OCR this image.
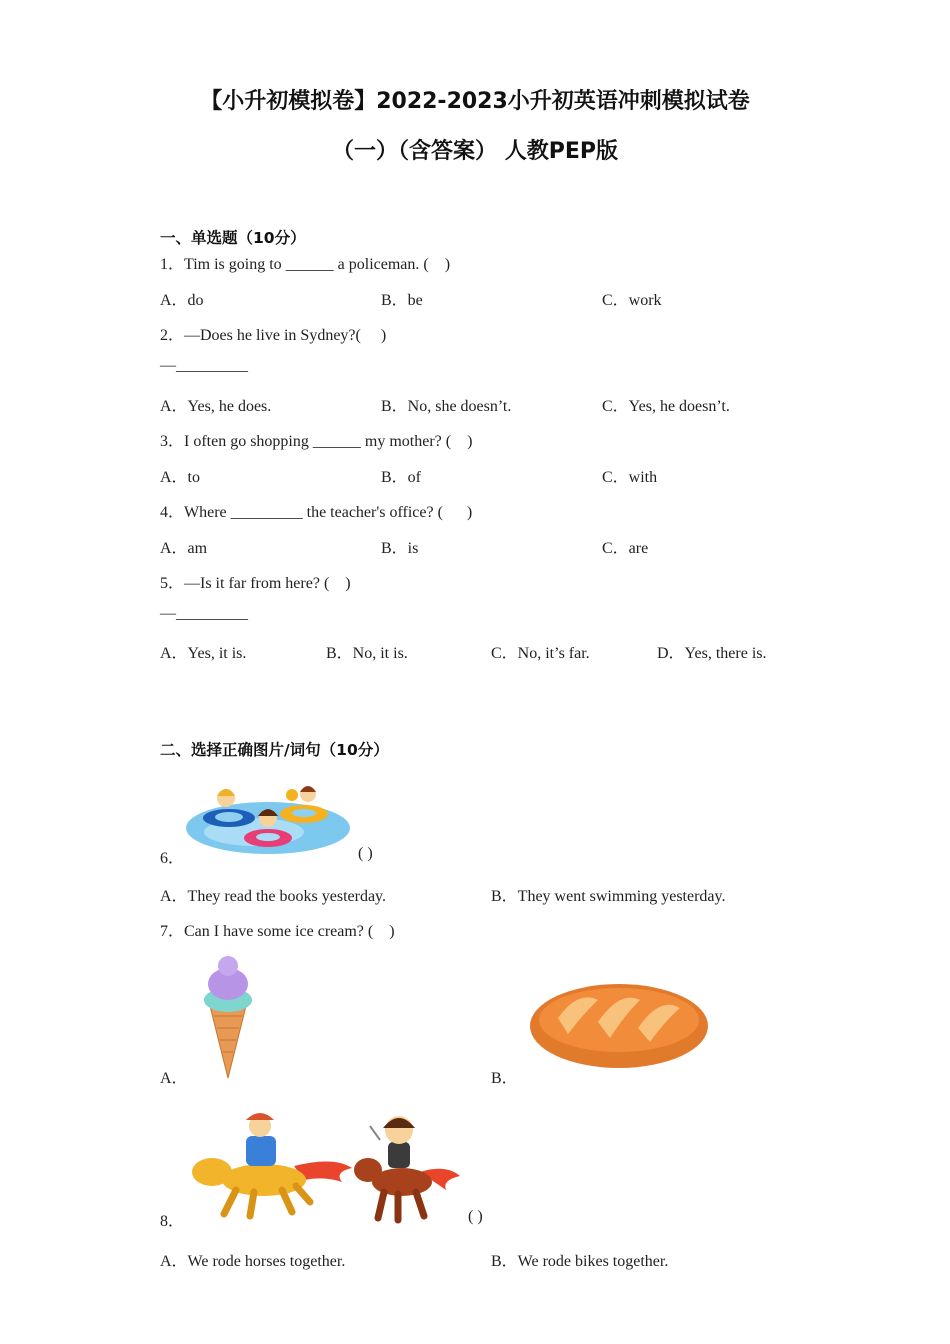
【小升初模拟卷】2022-2023小升初英语冲刺模拟试卷
（一）（含答案） 人教PEP版
一、单选题（10分）
1．Tim is going to ______ a policeman. (    )
A．do	B．be	C．work
2．—Does he live in Sydney?(     )
—_________
A．Yes, he does.	B．No, she doesn’t.	C．Yes, he doesn’t.
3．I often go shopping ______ my mother? (    )
A．to	B．of	C．with
4．Where _________ the teacher's office? (      )
A．am	B．is	C．are
5．—Is it far from here? (    )
—_________
A．Yes, it is.	B．No, it is.	C．No, it’s far.	D．Yes, there is.
二、选择正确图片/词句（10分）
6．	( )
A．They read the books yesterday.	B．They went swimming yesterday.
7．Can I have some ice cream? (    )
A．	B．
8．	( )
A．We rode horses together.	B．We rode bikes together.
